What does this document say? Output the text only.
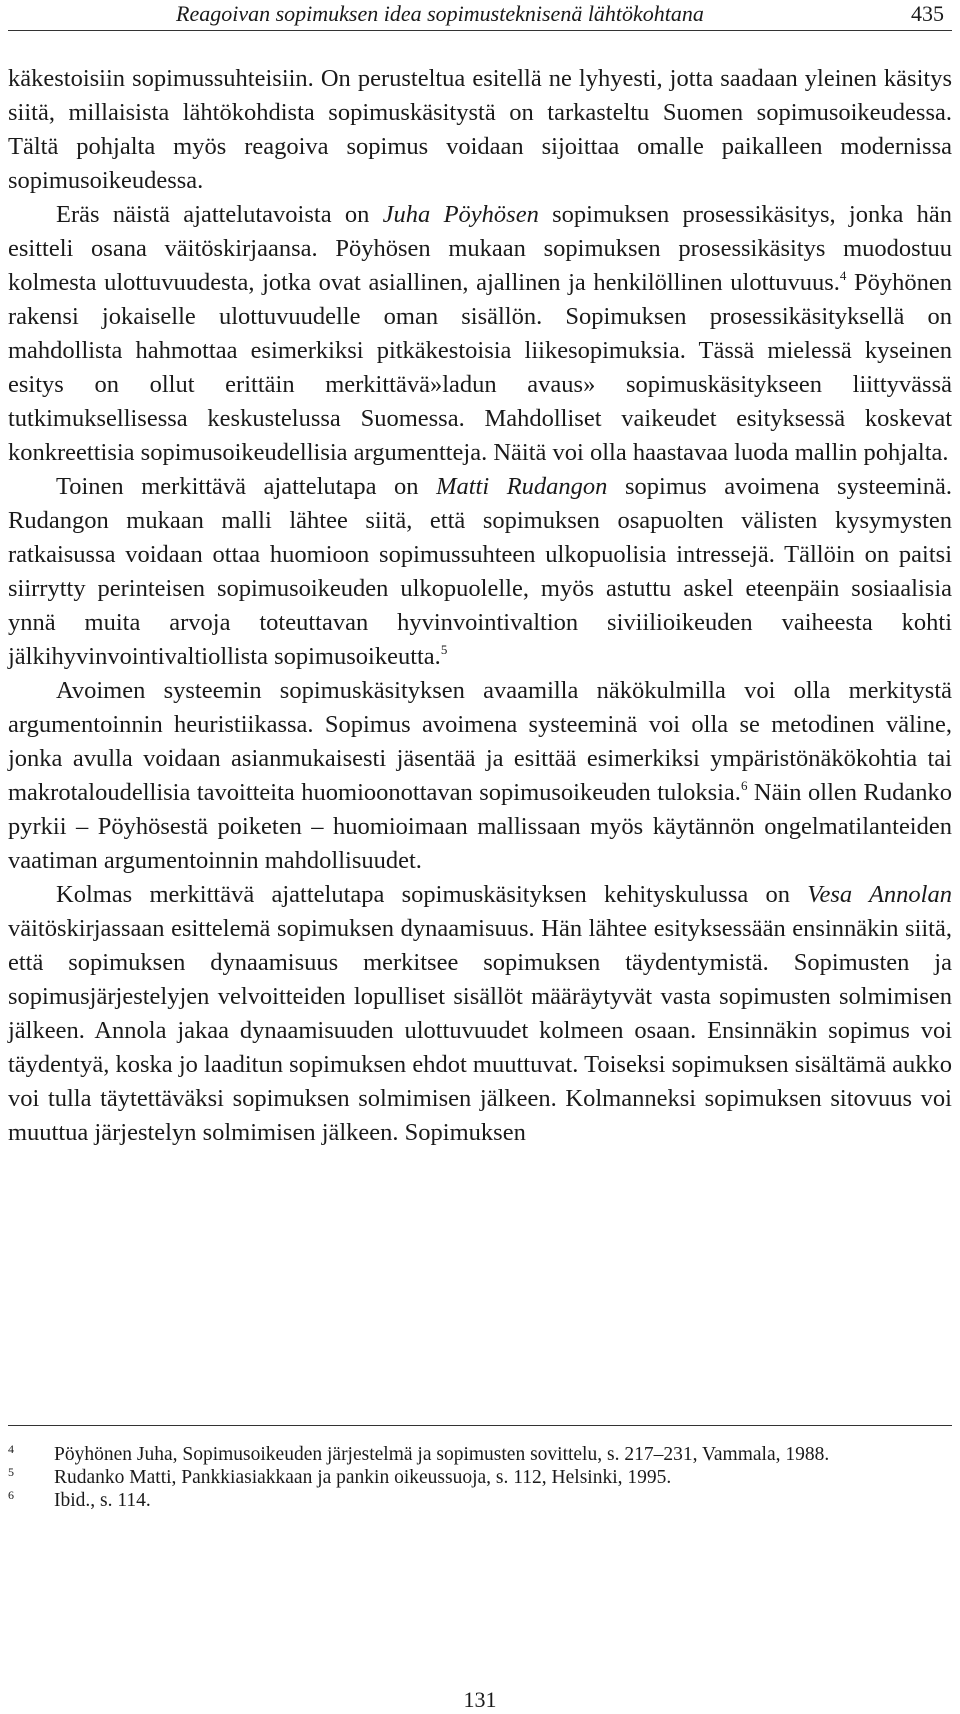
Reagoivan sopimuksen idea sopimusteknisenä lähtökohtana	435

käkestoisiin sopimussuhteisiin. On perusteltua esitellä ne lyhyesti, jotta saadaan yleinen käsitys siitä, millaisista lähtökohdista sopimuskäsitystä on tarkasteltu Suomen sopimusoikeudessa. Tältä pohjalta myös reagoiva sopimus voidaan sijoittaa omalle paikalleen modernissa sopimusoikeudessa.

Eräs näistä ajattelutavoista on Juha Pöyhösen sopimuksen prosessikäsitys, jonka hän esitteli osana väitöskirjaansa. Pöyhösen mukaan sopimuksen prosessikäsitys muodostuu kolmesta ulottuvuudesta, jotka ovat asiallinen, ajallinen ja henkilöllinen ulottuvuus.$^4$ Pöyhönen rakensi jokaiselle ulottuvuudelle oman sisällön. Sopimuksen prosessikäsityksellä on mahdollista hahmottaa esimerkiksi pitkäkestoisia liikesopimuksia. Tässä mielessä kyseinen esitys on ollut erittäin merkittävä»ladun avaus» sopimuskäsitykseen liittyvässä tutkimuksellisessa keskustelussa Suomessa. Mahdolliset vaikeudet esityksessä koskevat konkreettisia sopimusoikeudellisia argumentteja. Näitä voi olla haastavaa luoda mallin pohjalta.

Toinen merkittävä ajattelutapa on Matti Rudangon sopimus avoimena systeeminä. Rudangon mukaan malli lähtee siitä, että sopimuksen osapuolten välisten kysymysten ratkaisussa voidaan ottaa huomioon sopimussuhteen ulkopuolisia intressejä. Tällöin on paitsi siirrytty perinteisen sopimusoikeuden ulkopuolelle, myös astuttu askel eteenpäin sosiaalisia ynnä muita arvoja toteuttavan hyvinvointivaltion siviilioikeuden vaiheesta kohti jälkihyvinvointivaltiollista sopimusoikeutta.$^5$

Avoimen systeemin sopimuskäsityksen avaamilla näkökulmilla voi olla merkitystä argumentoinnin heuristiikassa. Sopimus avoimena systeeminä voi olla se metodinen väline, jonka avulla voidaan asianmukaisesti jäsentää ja esittää esimerkiksi ympäristönäkökohtia tai makrotaloudellisia tavoitteita huomioonottavan sopimusoikeuden tuloksia.$^6$ Näin ollen Rudanko pyrkii – Pöyhösestä poiketen – huomioimaan mallissaan myös käytännön ongelmatilanteiden vaatiman argumentoinnin mahdollisuudet.

Kolmas merkittävä ajattelutapa sopimuskäsityksen kehityskulussa on Vesa Annolan väitöskirjassaan esittelemä sopimuksen dynaamisuus. Hän lähtee esityksessään ensinnäkin siitä, että sopimuksen dynaamisuus merkitsee sopimuksen täydentymistä. Sopimusten ja sopimusjärjestelyjen velvoitteiden lopulliset sisällöt määräytyvät vasta sopimusten solmimisen jälkeen. Annola jakaa dynaamisuuden ulottuvuudet kolmeen osaan. Ensinnäkin sopimus voi täydentyä, koska jo laaditun sopimuksen ehdot muuttuvat. Toiseksi sopimuksen sisältämä aukko voi tulla täytettäväksi sopimuksen solmimisen jälkeen. Kolmanneksi sopimuksen sitovuus voi muuttua järjestelyn solmimisen jälkeen. Sopimuksen

4 Pöyhönen Juha, Sopimusoikeuden järjestelmä ja sopimusten sovittelu, s. 217–231, Vammala, 1988.

5 Rudanko Matti, Pankkiasiakkaan ja pankin oikeussuoja, s. 112, Helsinki, 1995.

6 Ibid., s. 114.

131
